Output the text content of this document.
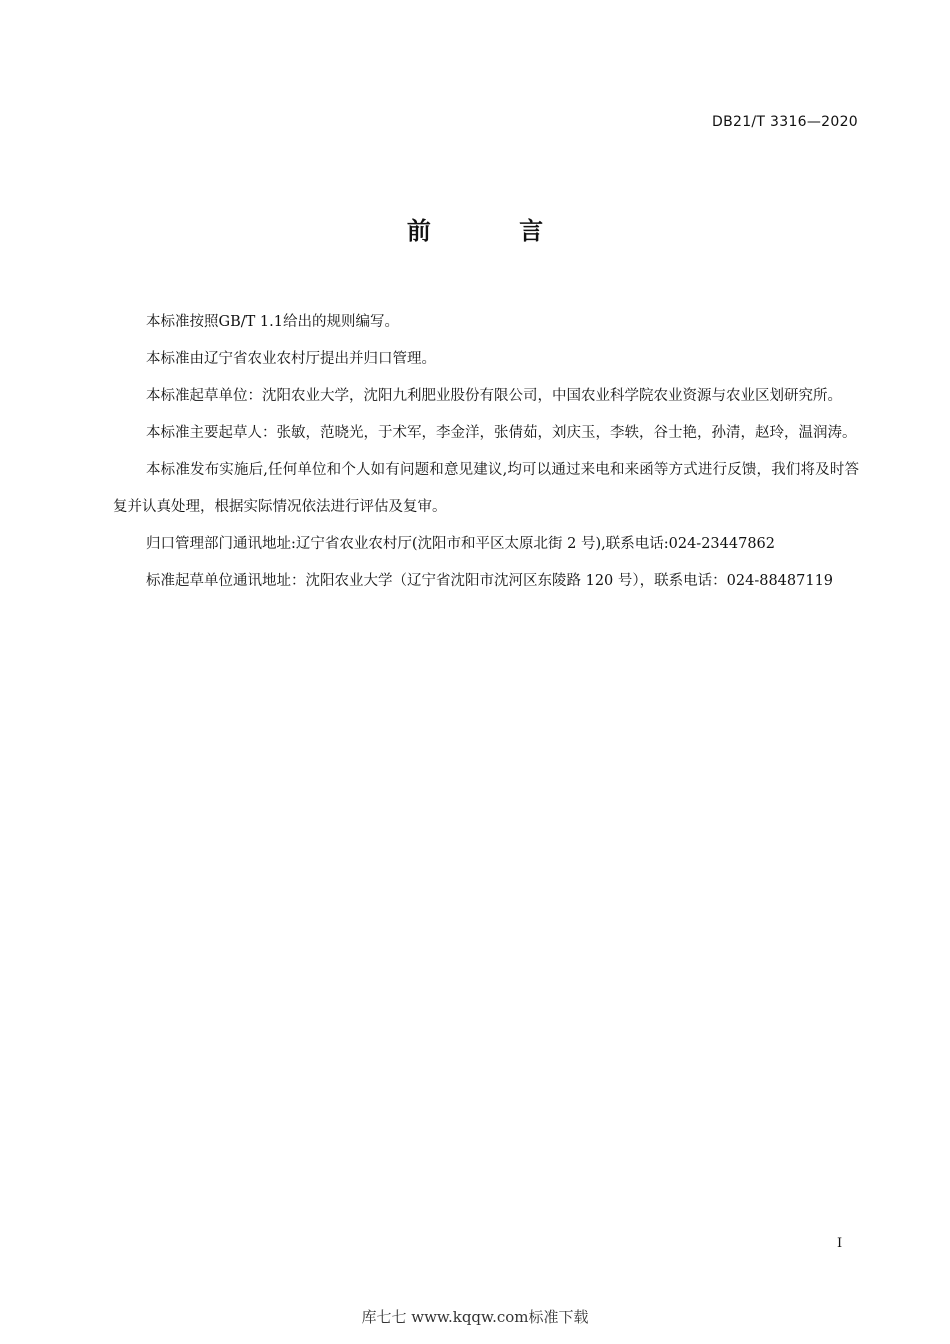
DB21/T 3316—2020
前 言

本标准按照GB/T 1.1给出的规则编写。

本标准由辽宁省农业农村厅提出并归口管理。

本标准起草单位：沈阳农业大学，沈阳九利肥业股份有限公司，中国农业科学院农业资源与农业区划研究所。

本标准主要起草人：张敏，范晓光，于术军，李金洋，张倩茹，刘庆玉，李轶，谷士艳，孙清，赵玲，温润涛。

本标准发布实施后,任何单位和个人如有问题和意见建议,均可以通过来电和来函等方式进行反馈，我们将及时答复并认真处理，根据实际情况依法进行评估及复审。

归口管理部门通讯地址:辽宁省农业农村厅(沈阳市和平区太原北街 2 号),联系电话:024-23447862

标准起草单位通讯地址：沈阳农业大学（辽宁省沈阳市沈河区东陵路 120 号），联系电话：024-88487119

I
库七七 www.kqqw.com标准下载
